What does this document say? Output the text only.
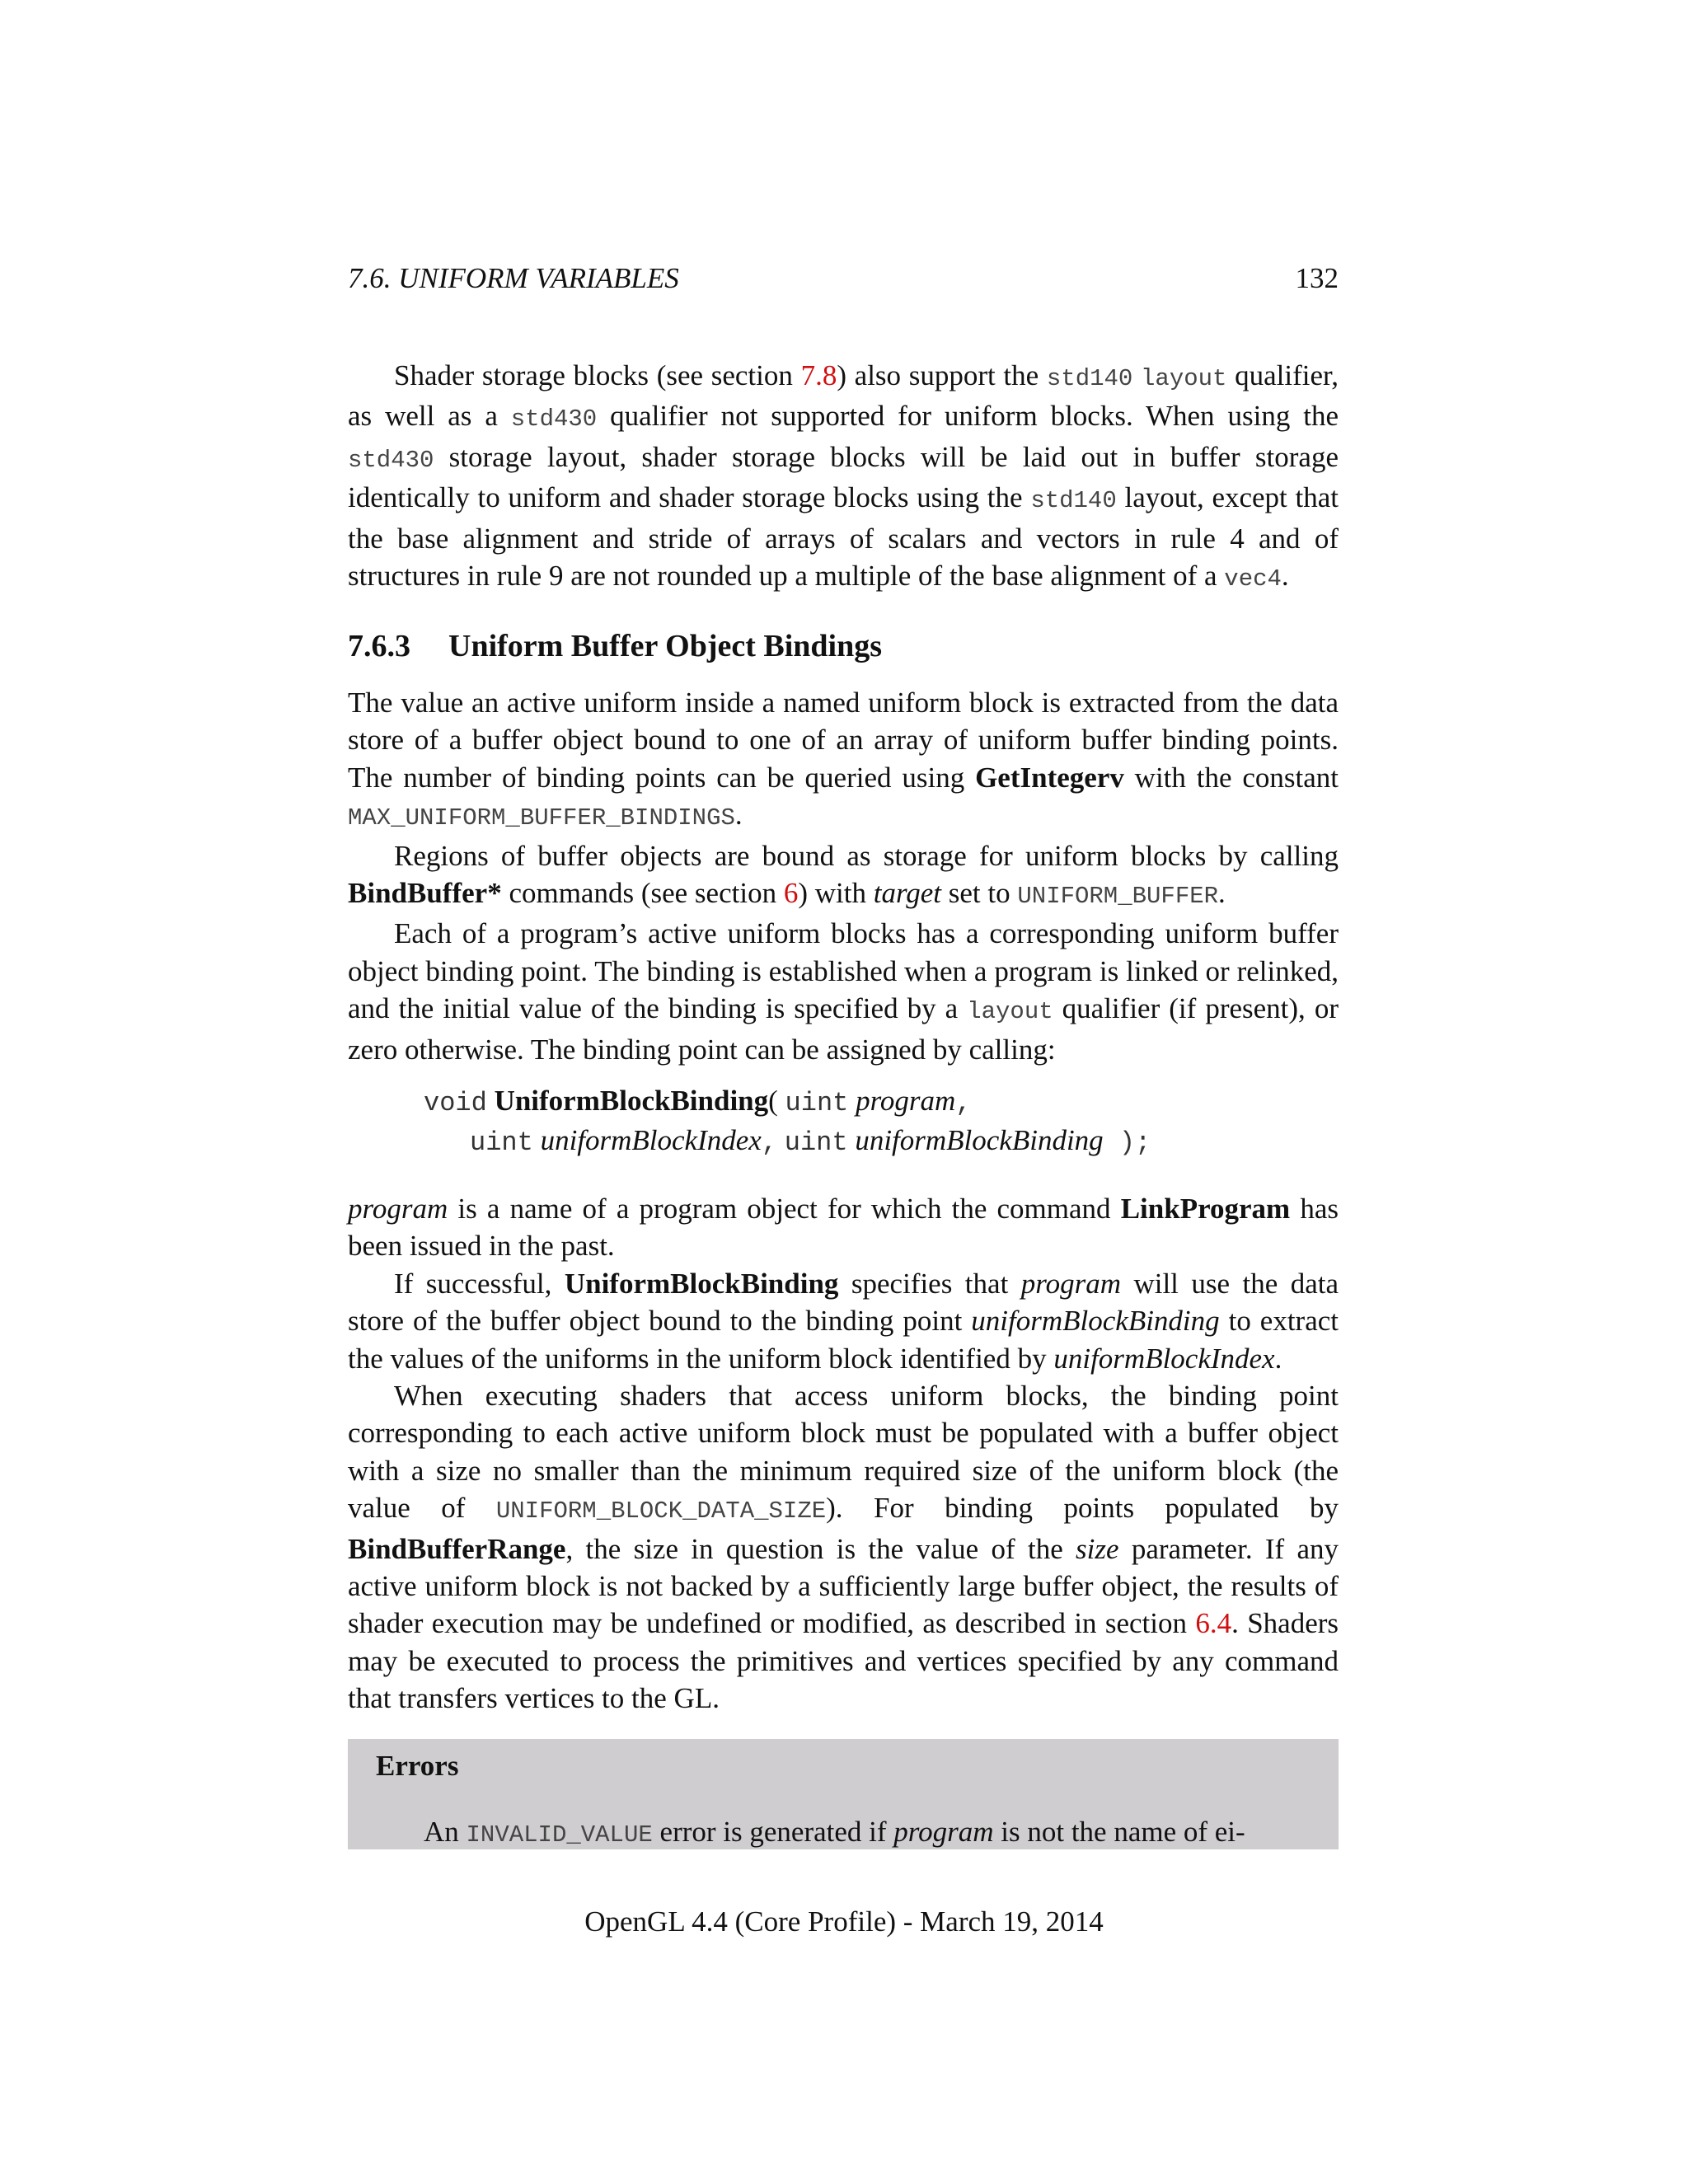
7.6. UNIFORM VARIABLES	132

Shader storage blocks (see section 7.8) also support the std140 layout qualifier, as well as a std430 qualifier not supported for uniform blocks. When using the std430 storage layout, shader storage blocks will be laid out in buffer storage identically to uniform and shader storage blocks using the std140 layout, except that the base alignment and stride of arrays of scalars and vectors in rule 4 and of structures in rule 9 are not rounded up a multiple of the base alignment of a vec4.

7.6.3 Uniform Buffer Object Bindings

The value an active uniform inside a named uniform block is extracted from the data store of a buffer object bound to one of an array of uniform buffer binding points. The number of binding points can be queried using GetIntegerv with the constant MAX_UNIFORM_BUFFER_BINDINGS.

Regions of buffer objects are bound as storage for uniform blocks by calling BindBuffer* commands (see section 6) with target set to UNIFORM_BUFFER.

Each of a program’s active uniform blocks has a corresponding uniform buffer object binding point. The binding is established when a program is linked or relinked, and the initial value of the binding is specified by a layout qualifier (if present), or zero otherwise. The binding point can be assigned by calling:

void UniformBlockBinding( uint program,
uint uniformBlockIndex, uint uniformBlockBinding );

program is a name of a program object for which the command LinkProgram has been issued in the past.

If successful, UniformBlockBinding specifies that program will use the data store of the buffer object bound to the binding point uniformBlockBinding to extract the values of the uniforms in the uniform block identified by uniformBlockIndex.

When executing shaders that access uniform blocks, the binding point corresponding to each active uniform block must be populated with a buffer object with a size no smaller than the minimum required size of the uniform block (the value of UNIFORM_BLOCK_DATA_SIZE). For binding points populated by BindBufferRange, the size in question is the value of the size parameter. If any active uniform block is not backed by a sufficiently large buffer object, the results of shader execution may be undefined or modified, as described in section 6.4. Shaders may be executed to process the primitives and vertices specified by any command that transfers vertices to the GL.

Errors
An INVALID_VALUE error is generated if program is not the name of ei-
OpenGL 4.4 (Core Profile) - March 19, 2014
